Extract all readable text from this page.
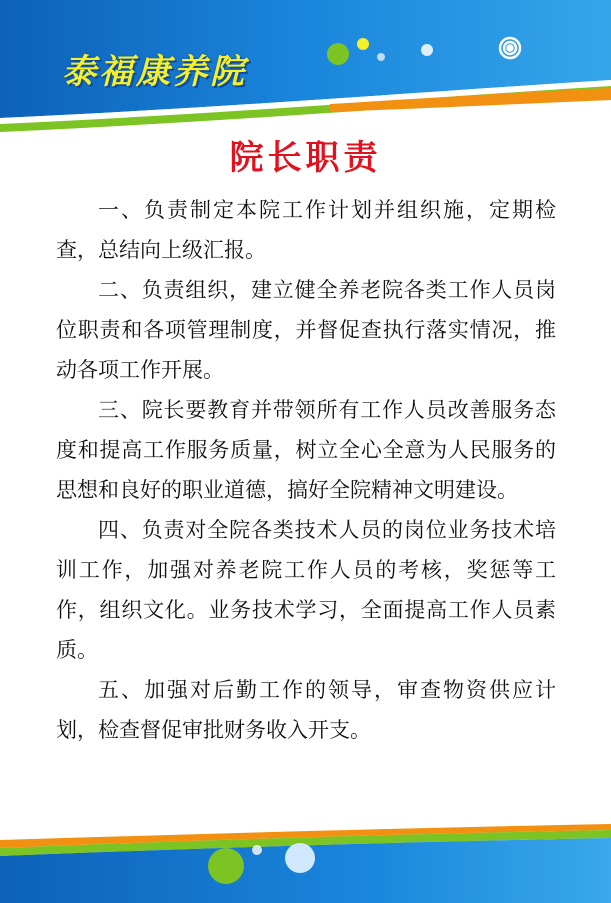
泰福康养院
院长职责

一、负责制定本院工作计划并组织施，定期检查，总结向上级汇报。

二、负责组织，建立健全养老院各类工作人员岗位职责和各项管理制度，并督促查执行落实情况，推动各项工作开展。

三、院长要教育并带领所有工作人员改善服务态度和提高工作服务质量，树立全心全意为人民服务的思想和良好的职业道德，搞好全院精神文明建设。

四、负责对全院各类技术人员的岗位业务技术培训工作，加强对养老院工作人员的考核，奖惩等工作，组织文化。业务技术学习，全面提高工作人员素质。

五、加强对后勤工作的领导，审查物资供应计划，检查督促审批财务收入开支。
